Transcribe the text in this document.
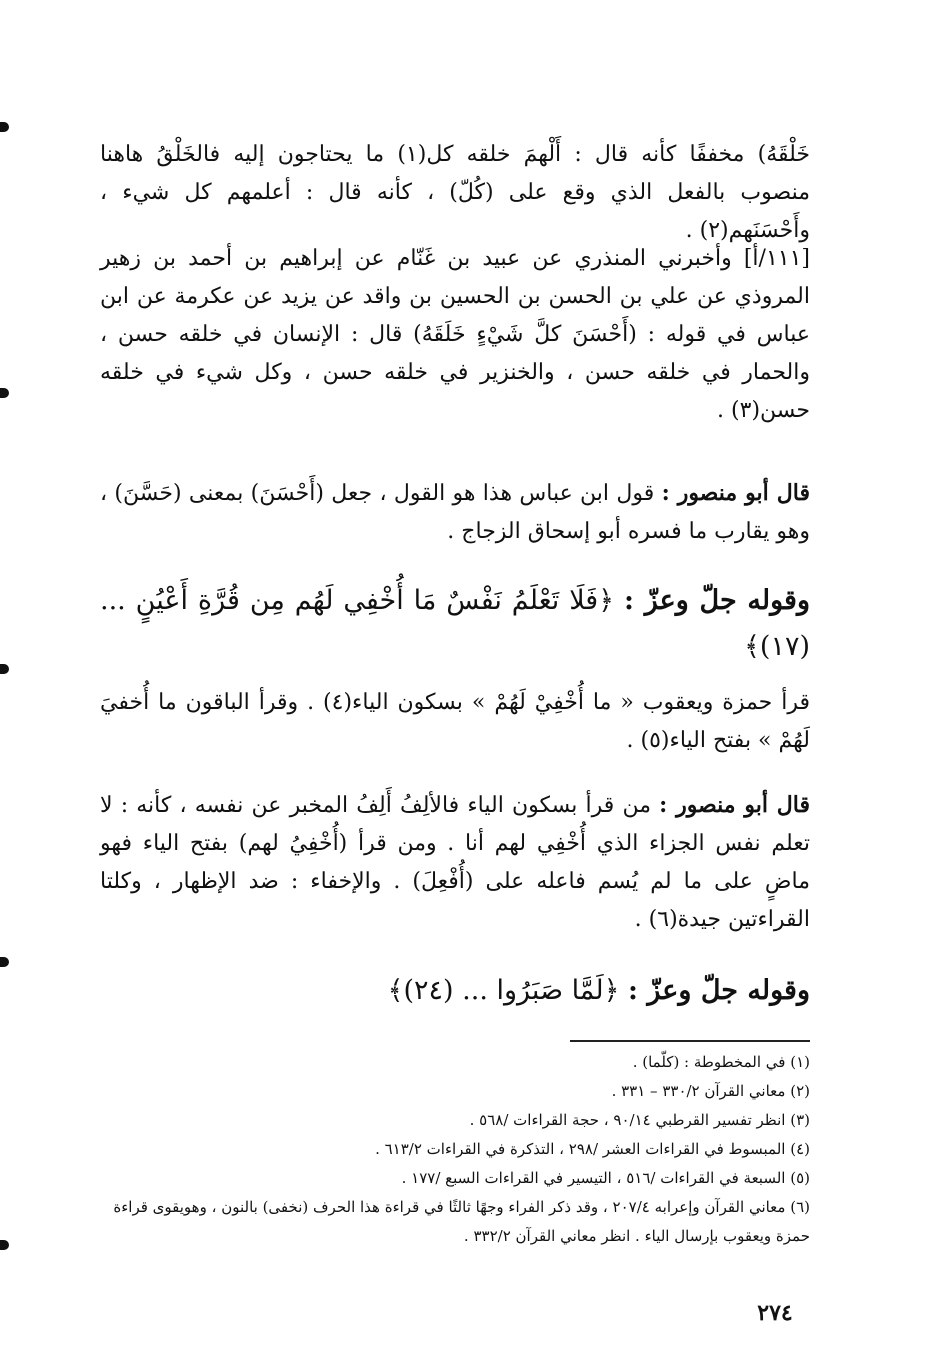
خَلْقَهُ) مخففًا كأنه قال : أَلْهمَ خلقه كل(١) ما يحتاجون إليه فالخَلْقُ هاهنا منصوب بالفعل الذي وقع على (كُلّ) ، كأنه قال : أعلمهم كل شيء ، وأَحْسَنَهم(٢) .

[١١١/أ] وأخبرني المنذري عن عبيد بن غَنّام عن إبراهيم بن أحمد بن زهير المروذي عن علي بن الحسن بن الحسين بن واقد عن يزيد عن عكرمة عن ابن عباس في قوله : (أَحْسَنَ كلَّ شَيْءٍ خَلَقَهُ) قال : الإنسان في خلقه حسن ، والحمار في خلقه حسن ، والخنزير في خلقه حسن ، وكل شيء في خلقه حسن(٣) .

قال أبو منصور : قول ابن عباس هذا هو القول ، جعل (أَحْسَنَ) بمعنى (حَسَّنَ) ، وهو يقارب ما فسره أبو إسحاق الزجاج .

وقوله جلّ وعزّ : ﴿فَلَا تَعْلَمُ نَفْسٌ مَا أُخْفِي لَهُم مِن قُرَّةِ أَعْيُنٍ ... (١٧)﴾

قرأ حمزة ويعقوب « ما أُخْفِيْ لَهُمْ » بسكون الياء(٤) . وقرأ الباقون ما أُخفيَ لَهُمْ » بفتح الياء(٥) .

قال أبو منصور : من قرأ بسكون الياء فالألِفُ أَلِفُ المخبر عن نفسه ، كأنه : لا تعلم نفس الجزاء الذي أُخْفِي لهم أنا . ومن قرأ (أُخْفِيُ لهم) بفتح الياء فهو ماضٍ على ما لم يُسم فاعله على (أُفْعِلَ) . والإخفاء : ضد الإظهار ، وكلتا القراءتين جيدة(٦) .

وقوله جلّ وعزّ : ﴿لَمَّا صَبَرُوا ... (٢٤)﴾

(١) في المخطوطة : (كلّما) .
(٢) معاني القرآن ٣٣٠/٢ – ٣٣١ .
(٣) انظر تفسير القرطبي ٩٠/١٤ ، حجة القراءات /٥٦٨ .
(٤) المبسوط في القراءات العشر /٢٩٨ ، التذكرة في القراءات ٦١٣/٢ .
(٥) السبعة في القراءات /٥١٦ ، التيسير في القراءات السبع /١٧٧ .
(٦) معاني القرآن وإعرابه ٢٠٧/٤ ، وقد ذكر الفراء وجهًا ثالثًا في قراءة هذا الحرف (نخفى) بالنون ، وهويقوى قراءة حمزة ويعقوب بإرسال الياء . انظر معاني القرآن ٣٣٢/٢ .
٢٧٤
